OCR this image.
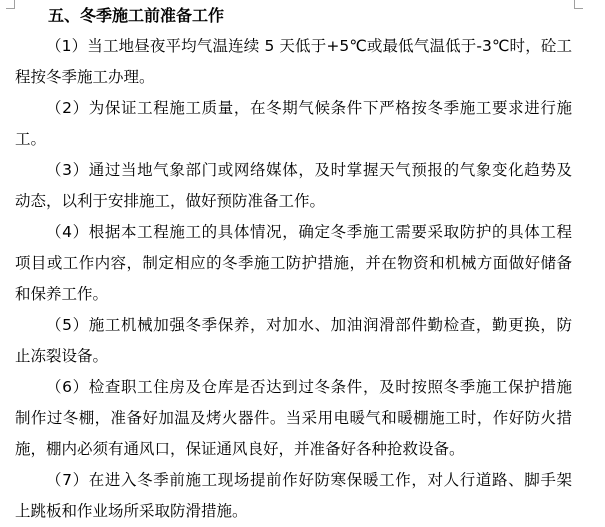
五、冬季施工前准备工作
（1）当工地昼夜平均气温连续 5 天低于+5℃或最低气温低于-3℃时，砼工
程按冬季施工办理。
（2）为保证工程施工质量，在冬期气候条件下严格按冬季施工要求进行施
工。
（3）通过当地气象部门或网络媒体，及时掌握天气预报的气象变化趋势及
动态，以利于安排施工，做好预防准备工作。
（4）根据本工程施工的具体情况，确定冬季施工需要采取防护的具体工程
项目或工作内容，制定相应的冬季施工防护措施，并在物资和机械方面做好储备
和保养工作。
（5）施工机械加强冬季保养，对加水、加油润滑部件勤检查，勤更换，防
止冻裂设备。
（6）检查职工住房及仓库是否达到过冬条件，及时按照冬季施工保护措施
制作过冬棚，准备好加温及烤火器件。当采用电暖气和暖棚施工时，作好防火措
施，棚内必须有通风口，保证通风良好，并准备好各种抢救设备。
（7）在进入冬季前施工现场提前作好防寒保暖工作，对人行道路、脚手架
上跳板和作业场所采取防滑措施。
